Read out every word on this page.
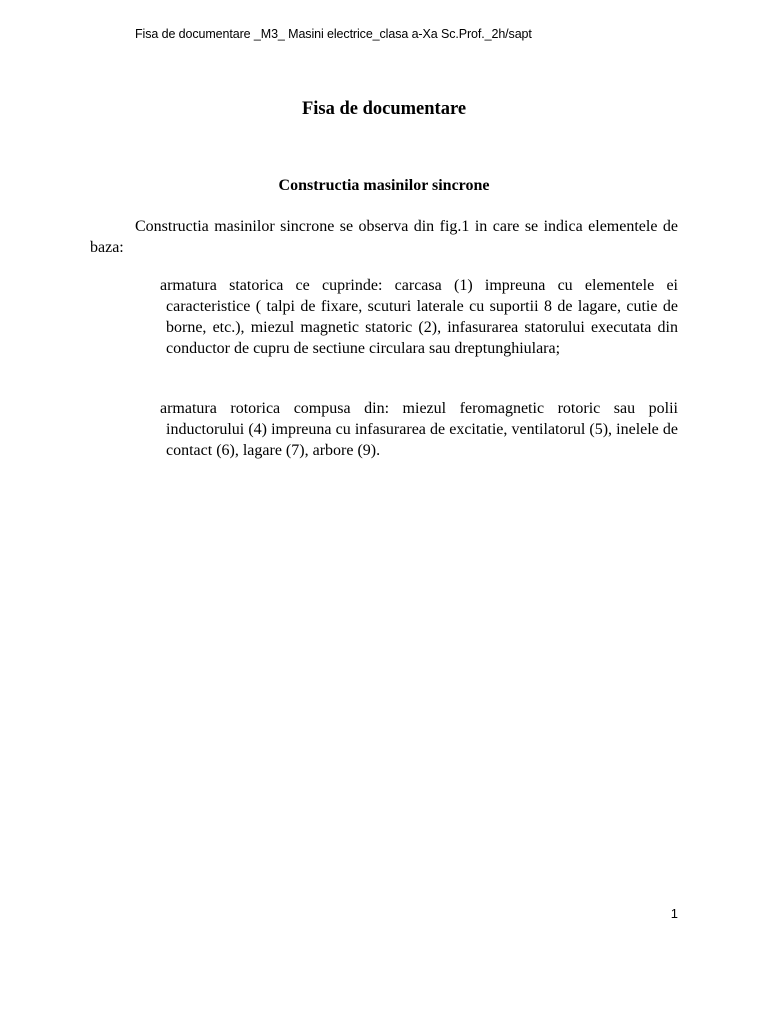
Fisa de documentare _M3_ Masini electrice_clasa a-Xa Sc.Prof._2h/sapt
Fisa de documentare
Constructia masinilor sincrone

Constructia masinilor sincrone se observa din fig.1 in care se indica elementele de baza:

armatura statorica ce cuprinde: carcasa (1) impreuna cu elementele ei caracteristice ( talpi de fixare, scuturi laterale cu suportii 8 de lagare, cutie de borne, etc.), miezul magnetic statoric (2), infasurarea statorului executata din conductor de cupru de sectiune circulara sau dreptunghiulara;

armatura rotorica compusa din: miezul feromagnetic rotoric sau polii inductorului (4) impreuna cu infasurarea de excitatie, ventilatorul (5), inelele de contact (6), lagare (7), arbore (9).

1
